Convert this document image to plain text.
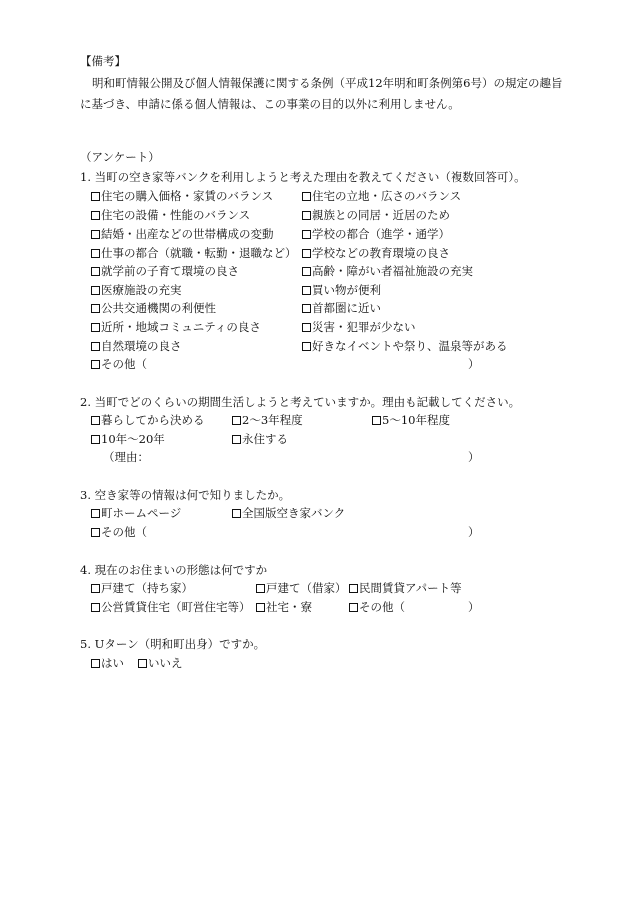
【備考】
明和町情報公開及び個人情報保護に関する条例（平成12年明和町条例第6号）の規定の趣旨
に基づき、申請に係る個人情報は、この事業の目的以外に利用しません。
（アンケート）
1. 当町の空き家等バンクを利用しようと考えた理由を教えてください（複数回答可）。
住宅の購入価格・家賃のバランス	住宅の立地・広さのバランス
住宅の設備・性能のバランス	親族との同居・近居のため
結婚・出産などの世帯構成の変動	学校の都合（進学・通学）
仕事の都合（就職・転勤・退職など）	学校などの教育環境の良さ
就学前の子育て環境の良さ	高齢・障がい者福祉施設の充実
医療施設の充実	買い物が便利
公共交通機関の利便性	首都圏に近い
近所・地域コミュニティの良さ	災害・犯罪が少ない
自然環境の良さ	好きなイベントや祭り、温泉等がある
その他（	）
2. 当町でどのくらいの期間生活しようと考えていますか。理由も記載してください。
暮らしてから決める	2～3年程度	5～10年程度
10年～20年	永住する
（理由：	）
3. 空き家等の情報は何で知りましたか。
町ホームページ	全国版空き家バンク
その他（	）
4. 現在のお住まいの形態は何ですか
戸建て（持ち家）	戸建て（借家）	民間賃貸アパート等
公営賃貸住宅（町営住宅等）	社宅・寮	その他（	）
5. Uターン（明和町出身）ですか。
はい	いいえ
